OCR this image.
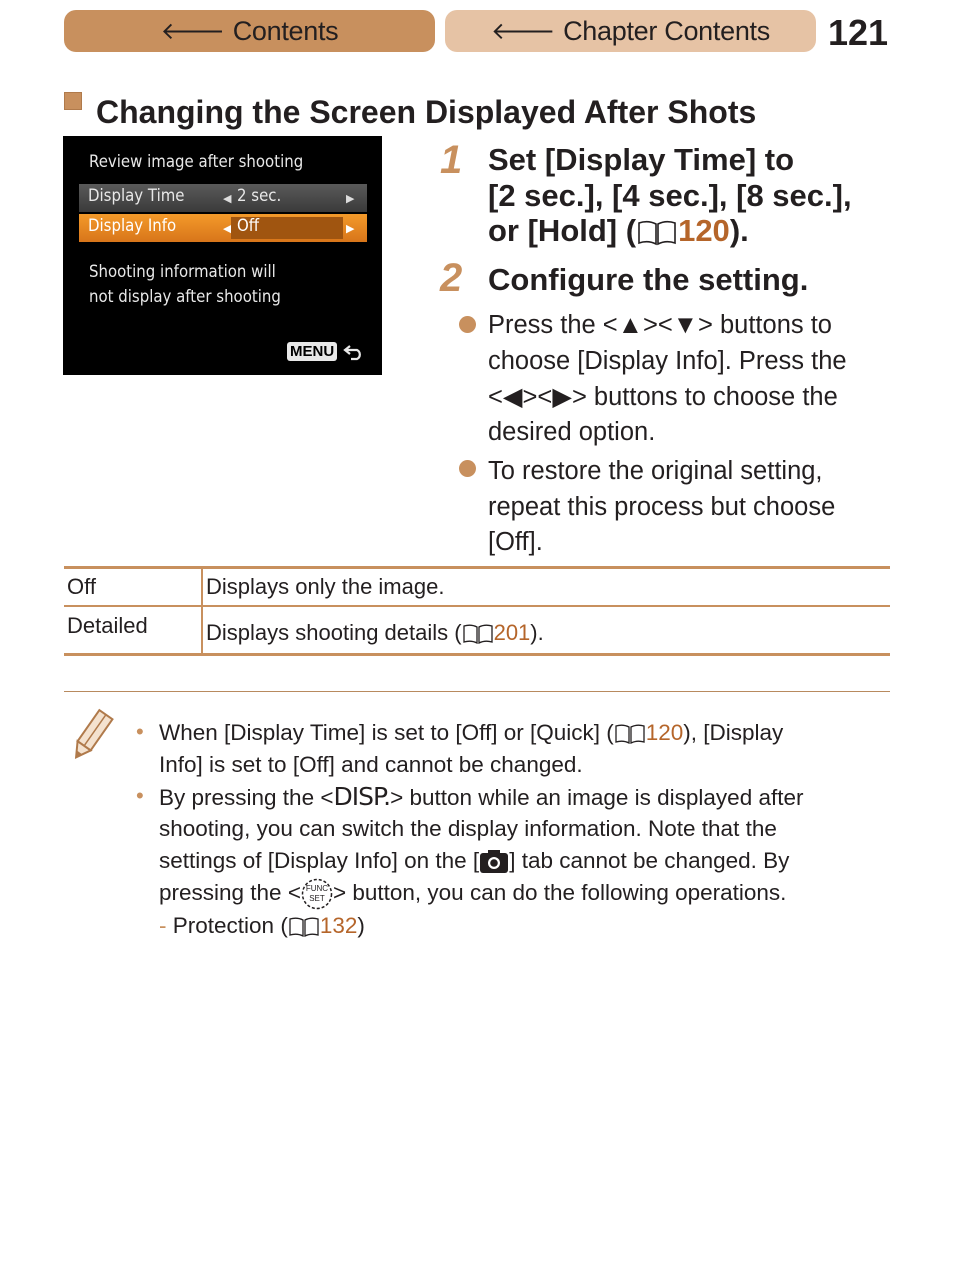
🡐 Contents	🡐 Chapter Contents 121
Changing the Screen Displayed After Shots
Review image after shooting
Display Time	◀ 2 sec.	▶
Display Info	◀ Off	▶
Shooting information will
not display after shooting
MENU
1 Set [Display Time] to
[2 sec.], [4 sec.], [8 sec.],
or [Hold] ( 120).
2 Configure the setting.
Press the <▲><▼> buttons to
choose [Display Info]. Press the
<◀><▶> buttons to choose the
desired option.
To restore the original setting,
repeat this process but choose
[Off].
Off	Displays only the image.
Detailed	Displays shooting details ( 201).
• When [Display Time] is set to [Off] or [Quick] ( 120), [Display
Info] is set to [Off] and cannot be changed.
• By pressing the <DISP.> button while an image is displayed after
shooting, you can switch the display information. Note that the
settings of [Display Info] on the [ ] tab cannot be changed. By
pressing the < FUNC
SET > button, you can do the following operations.
- Protection ( 132)
